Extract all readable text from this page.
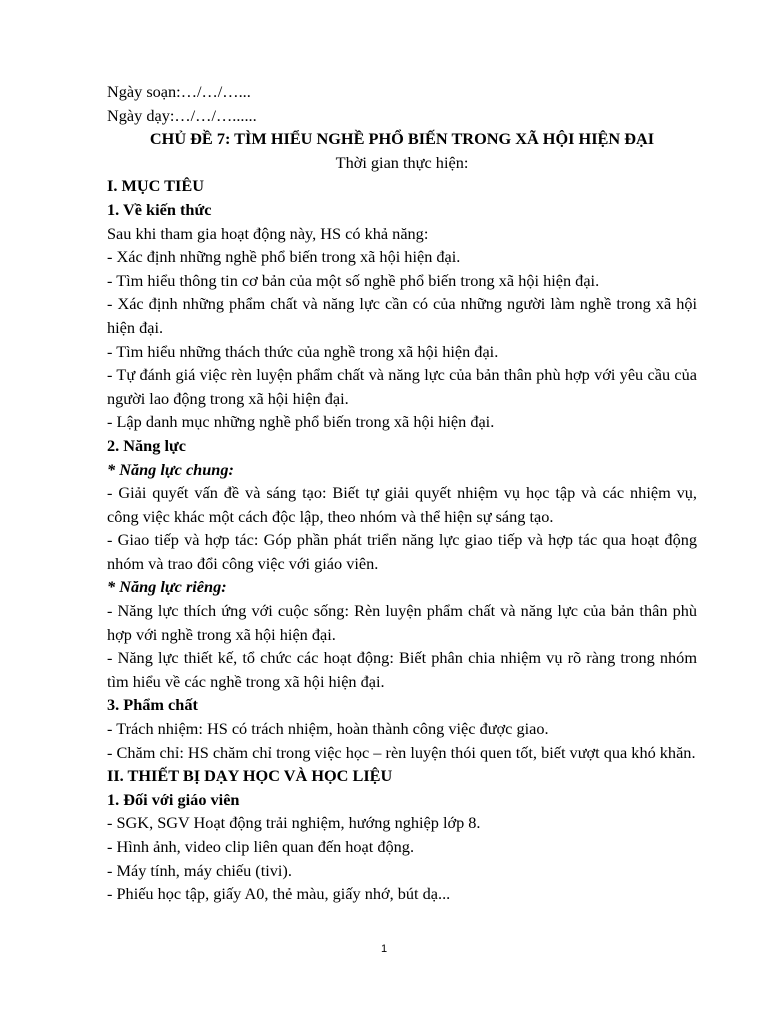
Ngày soạn:…/…/…...

Ngày dạy:…/…/…......

CHỦ ĐỀ 7: TÌM HIỂU NGHỀ PHỔ BIẾN TRONG XÃ HỘI HIỆN ĐẠI

Thời gian thực hiện:

I. MỤC TIÊU

1. Về kiến thức

Sau khi tham gia hoạt động này, HS có khả năng:

- Xác định những nghề phổ biến trong xã hội hiện đại.

- Tìm hiểu thông tin cơ bản của một số nghề phổ biến trong xã hội hiện đại.

- Xác định những phẩm chất và năng lực cần có của những người làm nghề trong xã hội hiện đại.

- Tìm hiểu những thách thức của nghề trong xã hội hiện đại.

- Tự đánh giá việc rèn luyện phẩm chất và năng lực của bản thân phù hợp với yêu cầu của người lao động trong xã hội hiện đại.

- Lập danh mục những nghề phổ biến trong xã hội hiện đại.

2. Năng lực

* Năng lực chung:

- Giải quyết vấn đề và sáng tạo: Biết tự giải quyết nhiệm vụ học tập và các nhiệm vụ, công việc khác một cách độc lập, theo nhóm và thể hiện sự sáng tạo.

- Giao tiếp và hợp tác: Góp phần phát triển năng lực giao tiếp và hợp tác qua hoạt động nhóm và trao đổi công việc với giáo viên.

* Năng lực riêng:

- Năng lực thích ứng với cuộc sống: Rèn luyện phẩm chất và năng lực của bản thân phù hợp với nghề trong xã hội hiện đại.

- Năng lực thiết kế, tổ chức các hoạt động: Biết phân chia nhiệm vụ rõ ràng trong nhóm tìm hiểu về các nghề trong xã hội hiện đại.

3. Phẩm chất

- Trách nhiệm: HS có trách nhiệm, hoàn thành công việc được giao.

- Chăm chỉ: HS chăm chỉ trong việc học – rèn luyện thói quen tốt, biết vượt qua khó khăn.

II. THIẾT BỊ DẠY HỌC VÀ HỌC LIỆU

1. Đối với giáo viên

- SGK, SGV Hoạt động trải nghiệm, hướng nghiệp lớp 8.

- Hình ảnh, video clip liên quan đến hoạt động.

- Máy tính, máy chiếu (tivi).

- Phiếu học tập, giấy A0, thẻ màu, giấy nhớ, bút dạ...

1
